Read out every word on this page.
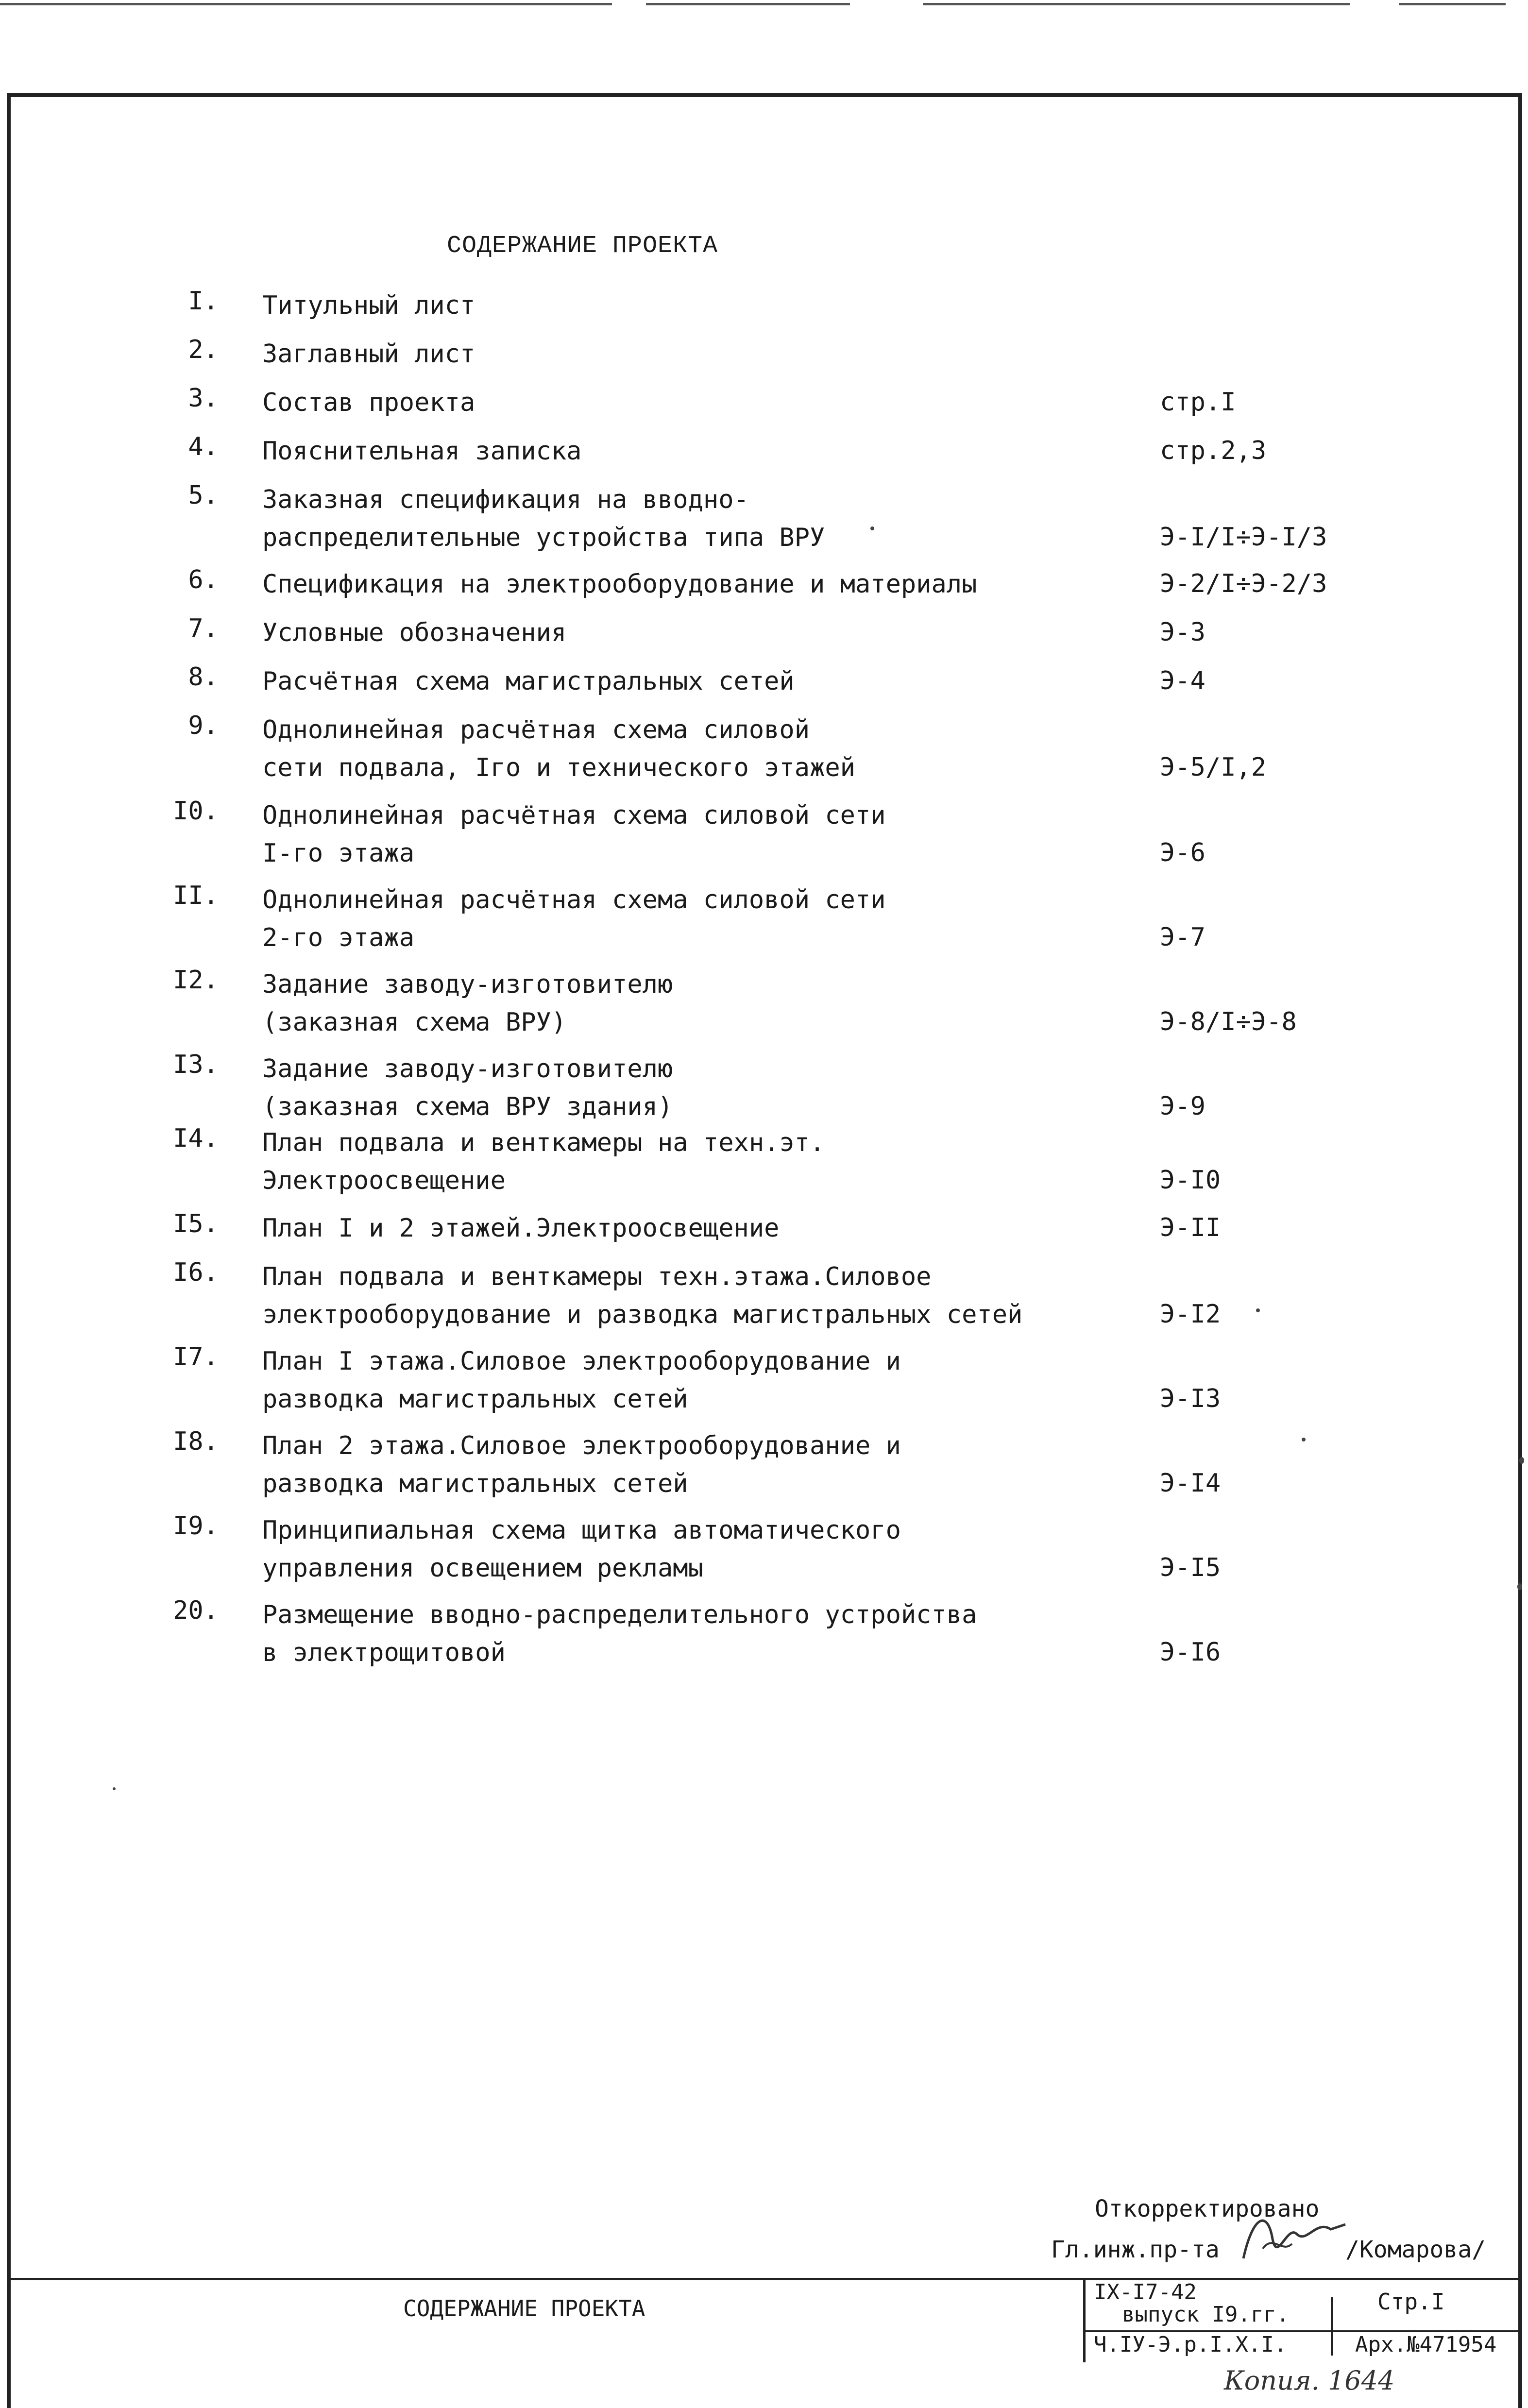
СОДЕРЖАНИЕ ПРОЕКТА
I. Титульный лист
2. Заглавный лист
3. Состав проекта	стр.I
4. Пояснительная записка	стр.2,3
5. Заказная спецификация на вводно-
распределительные устройства типа ВРУ	Э-I/I÷Э-I/3
6. Спецификация на электрооборудование и материалы	Э-2/I÷Э-2/3
7. Условные обозначения	Э-3
8. Расчётная схема магистральных сетей	Э-4
9. Однолинейная расчётная схема силовой
сети подвала, Iго и технического этажей	Э-5/I,2
I0. Однолинейная расчётная схема силовой сети
I-го этажа	Э-6
II. Однолинейная расчётная схема силовой сети
2-го этажа	Э-7
I2. Задание заводу-изготовителю
(заказная схема ВРУ)	Э-8/I÷Э-8
I3. Задание заводу-изготовителю
(заказная схема ВРУ здания)	Э-9
I4. План подвала и венткамеры на техн.эт.
Электроосвещение	Э-I0
I5. План I и 2 этажей.Электроосвещение	Э-II
I6. План подвала и венткамеры техн.этажа.Силовое
электрооборудование и разводка магистральных сетей	Э-I2
I7. План I этажа.Силовое электрооборудование и
разводка магистральных сетей	Э-I3
I8. План 2 этажа.Силовое электрооборудование и
разводка магистральных сетей	Э-I4
I9. Принципиальная схема щитка автоматического
управления освещением рекламы	Э-I5
20. Размещение вводно-распределительного устройства
в электрощитовой	Э-I6
Откорректировано
Гл.инж.пр-та	/Комарова/
СОДЕРЖАНИЕ ПРОЕКТА
IX-I7-42
выпуск I9.гг.
Ч.IУ-Э.р.I.X.I.
Стр.I
Арх.№471954
Копия. 1644
